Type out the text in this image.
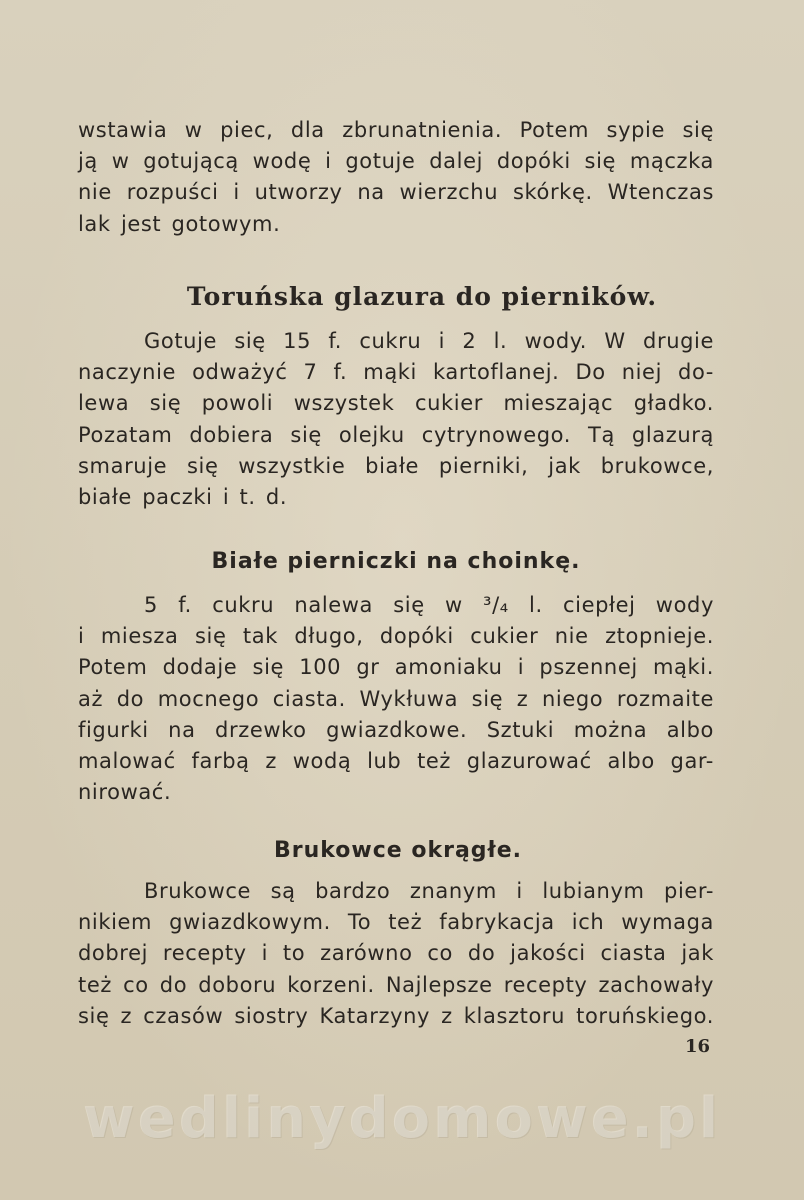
wstawia w piec, dla zbrunatnienia. Potem sypie się
ją w gotującą wodę i gotuje dalej dopóki się mączka
nie rozpuści i utworzy na wierzchu skórkę. Wtenczas
lak jest gotowym.
Toruńska glazura do pierników.
Gotuje się 15 f. cukru i 2 l. wody. W drugie
naczynie odważyć 7 f. mąki kartoflanej. Do niej do-
lewa się powoli wszystek cukier mieszając gładko.
Pozatam dobiera się olejku cytrynowego. Tą glazurą
smaruje się wszystkie białe pierniki, jak brukowce,
białe paczki i t. d.
Białe pierniczki na choinkę.
5 f. cukru nalewa się w ³/₄ l. ciepłej wody
i miesza się tak długo, dopóki cukier nie ztopnieje.
Potem dodaje się 100 gr amoniaku i pszennej mąki.
aż do mocnego ciasta. Wykłuwa się z niego rozmaite
figurki na drzewko gwiazdkowe. Sztuki można albo
malować farbą z wodą lub też glazurować albo gar-
nirować.
Brukowce okrągłe.
Brukowce są bardzo znanym i lubianym pier-
nikiem gwiazdkowym. To też fabrykacja ich wymaga
dobrej recepty i to zarówno co do jakości ciasta jak
też co do doboru korzeni. Najlepsze recepty zachowały
się z czasów siostry Katarzyny z klasztoru toruńskiego.
16
wedlinydomowe.pl
